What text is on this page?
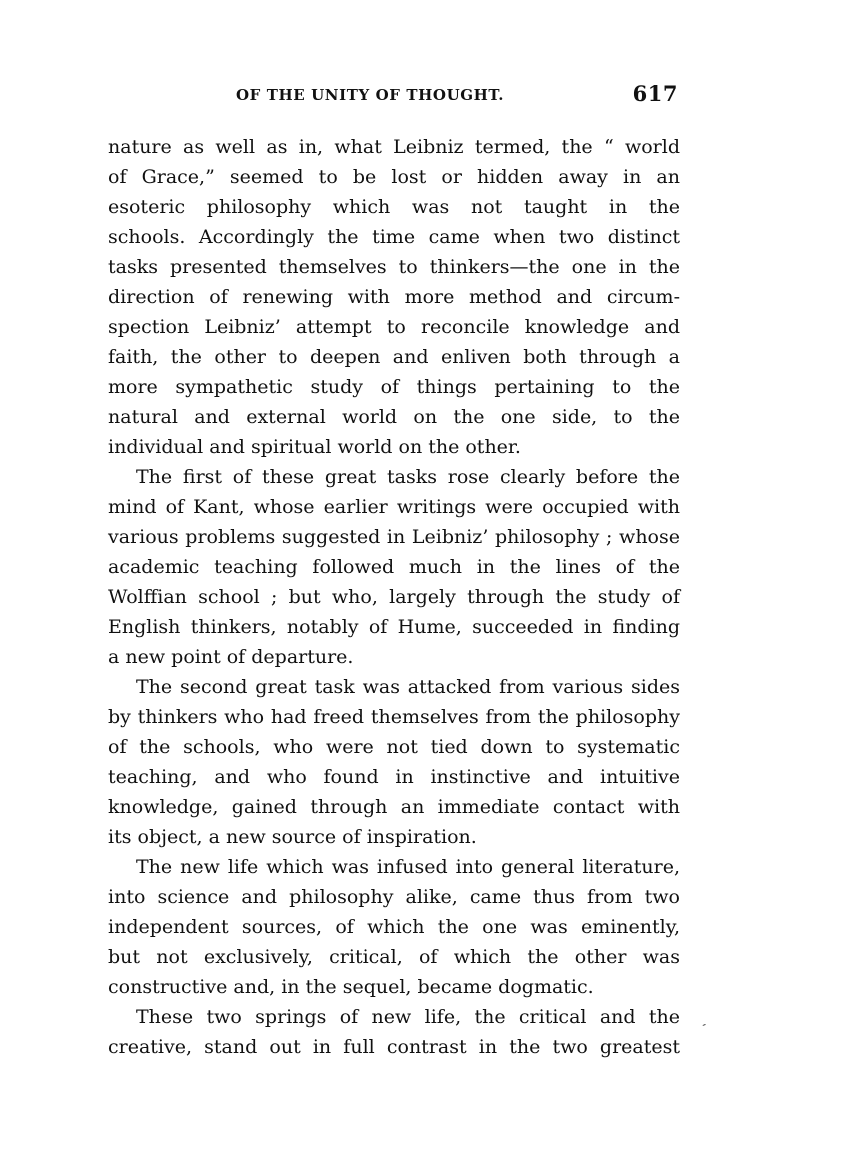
OF THE UNITY OF THOUGHT.	617
nature as well as in, what Leibniz termed, the “ world
of Grace,” seemed to be lost or hidden away in an
esoteric philosophy which was not taught in the
schools. Accordingly the time came when two distinct
tasks presented themselves to thinkers—the one in the
direction of renewing with more method and circum-
spection Leibniz’ attempt to reconcile knowledge and
faith, the other to deepen and enliven both through a
more sympathetic study of things pertaining to the
natural and external world on the one side, to the
individual and spiritual world on the other.
The first of these great tasks rose clearly before the
mind of Kant, whose earlier writings were occupied with
various problems suggested in Leibniz’ philosophy ; whose
academic teaching followed much in the lines of the
Wolffian school ; but who, largely through the study of
English thinkers, notably of Hume, succeeded in finding
a new point of departure.
The second great task was attacked from various sides
by thinkers who had freed themselves from the philosophy
of the schools, who were not tied down to systematic
teaching, and who found in instinctive and intuitive
knowledge, gained through an immediate contact with
its object, a new source of inspiration.
The new life which was infused into general literature,
into science and philosophy alike, came thus from two
independent sources, of which the one was eminently,
but not exclusively, critical, of which the other was
constructive and, in the sequel, became dogmatic.
These two springs of new life, the critical and the
creative, stand out in full contrast in the two greatest
ˏ
